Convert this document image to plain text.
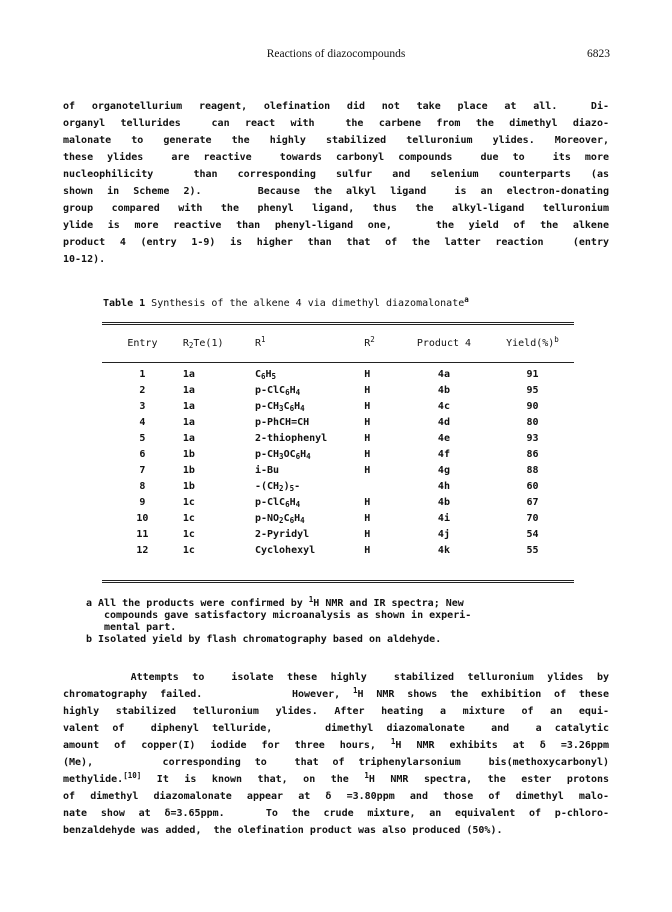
Reactions of diazocompounds	6823
of organotellurium reagent, olefination did not take place at all.  Di-
organyl tellurides  can react with  the carbene from the dimethyl diazo-
malonate to generate the highly stabilized telluronium ylides. Moreover,
these ylides  are reactive  towards carbonyl compounds  due to  its more
nucleophilicity  than corresponding sulfur and selenium counterparts (as
shown in Scheme 2).    Because the alkyl ligand  is an electron-donating
group compared with the phenyl ligand, thus the alkyl-ligand telluronium
ylide is more reactive than phenyl-ligand one,   the yield of the alkene
product 4 (entry 1-9) is higher than that of the latter reaction  (entry
10-12).
Table 1 Synthesis of the alkene 4 via dimethyl diazomalonate$^a$
Entry	$R_2Te(1)$	$R^1$	$R^2$	Product 4	Yield(%)$^b$
1	1a	$C_6H_5$	H	4a	91
2	1a	$p-ClC_6H_4$	H	4b	95
3	1a	$p-CH_3C_6H_4$	H	4c	90
4	1a	p-PhCH=CH	H	4d	80
5	1a	2-thiophenyl	H	4e	93
6	1b	$p-CH_3OC_6H_4$	H	4f	86
7	1b	i-Bu	H	4g	88
8	1b	$-(CH_2)_5-$		4h	60
9	1c	$p-ClC_6H_4$	H	4b	67
10	1c	$p-NO_2C_6H_4$	H	4i	70
11	1c	2-Pyridyl	H	4j	54
12	1c	Cyclohexyl	H	4k	55
a All the products were confirmed by $^1$H NMR and IR spectra; New
compounds gave satisfactory microanalysis as shown in experi-
mental part.
b Isolated yield by flash chromatography based on aldehyde.
Attempts to  isolate these highly  stabilized telluronium ylides by
chromatography failed.       However, $^1$H NMR shows the exhibition of these
highly stabilized telluronium ylides. After heating a mixture of an equi-
valent of  diphenyl telluride,    dimethyl diazomalonate  and  a catalytic
amount of copper(I) iodide for three hours, $^1$H NMR exhibits at δ =3.26ppm
(Me),     corresponding to  that of triphenylarsonium  bis(methoxycarbonyl)
methylide.[10] It is known that, on the $^1$H NMR spectra, the ester protons
of dimethyl diazomalonate appear at δ =3.80ppm and those of dimethyl malo-
nate show at δ=3.65ppm.   To the crude mixture, an equivalent of p-chloro-
benzaldehyde was added,  the olefination product was also produced (50%).
